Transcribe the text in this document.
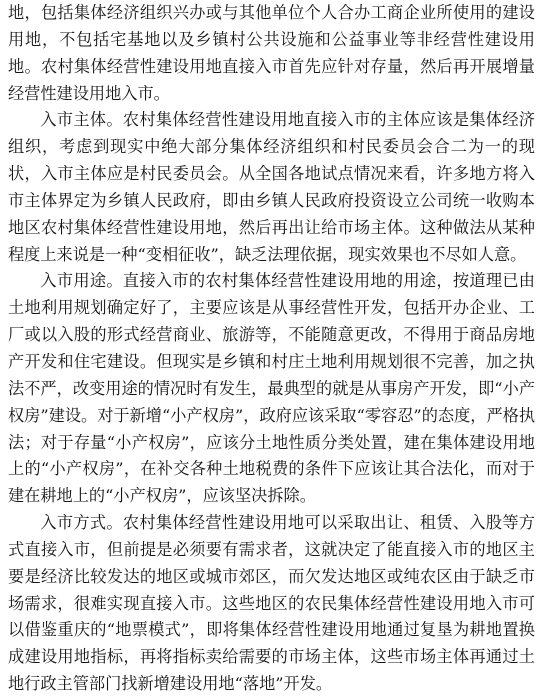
地，包括集体经济组织兴办或与其他单位个人合办工商企业所使用的建设用地，不包括宅基地以及乡镇村公共设施和公益事业等非经营性建设用地。农村集体经营性建设用地直接入市首先应针对存量，然后再开展增量经营性建设用地入市。

入市主体。农村集体经营性建设用地直接入市的主体应该是集体经济组织，考虑到现实中绝大部分集体经济组织和村民委员会合二为一的现状，入市主体应是村民委员会。从全国各地试点情况来看，许多地方将入市主体界定为乡镇人民政府，即由乡镇人民政府投资设立公司统一收购本地区农村集体经营性建设用地，然后再出让给市场主体。这种做法从某种程度上来说是一种“变相征收”，缺乏法理依据，现实效果也不尽如人意。

入市用途。直接入市的农村集体经营性建设用地的用途，按道理已由土地利用规划确定好了，主要应该是从事经营性开发，包括开办企业、工厂或以入股的形式经营商业、旅游等，不能随意更改，不得用于商品房地产开发和住宅建设。但现实是乡镇和村庄土地利用规划很不完善，加之执法不严，改变用途的情况时有发生，最典型的就是从事房产开发，即“小产权房”建设。对于新增“小产权房”，政府应该采取“零容忍”的态度，严格执法；对于存量“小产权房”，应该分土地性质分类处置，建在集体建设用地上的“小产权房”，在补交各种土地税费的条件下应该让其合法化，而对于建在耕地上的“小产权房”，应该坚决拆除。

入市方式。农村集体经营性建设用地可以采取出让、租赁、入股等方式直接入市，但前提是必须要有需求者，这就决定了能直接入市的地区主要是经济比较发达的地区或城市郊区，而欠发达地区或纯农区由于缺乏市场需求，很难实现直接入市。这些地区的农民集体经营性建设用地入市可以借鉴重庆的“地票模式”，即将集体经营性建设用地通过复垦为耕地置换成建设用地指标，再将指标卖给需要的市场主体，这些市场主体再通过土地行政主管部门找新增建设用地“落地”开发。
